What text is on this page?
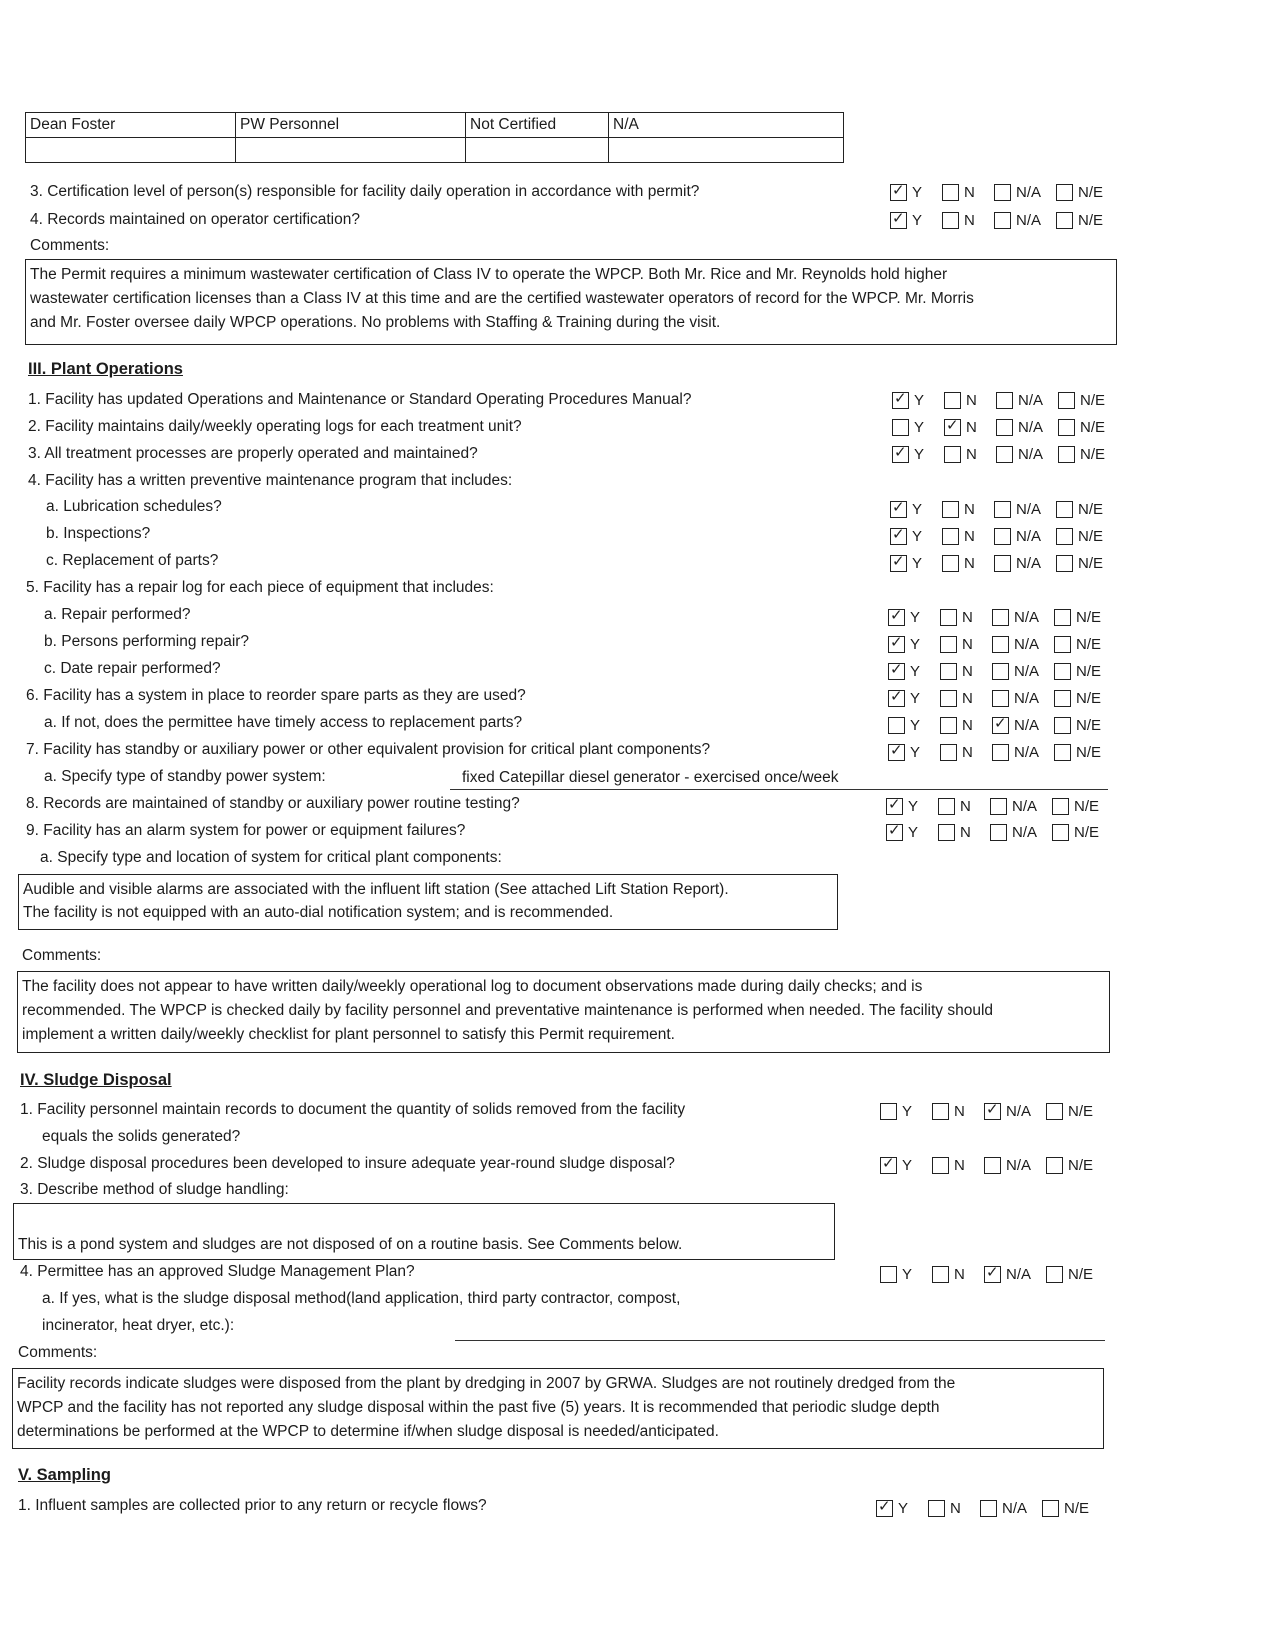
Dean Foster	PW Personnel	Not Certified	N/A

3. Certification level of person(s) responsible for facility daily operation in accordance with permit?	✓ Y	N	N/A N/E
4. Records maintained on operator certification?	✓ Y	N	N/A N/E
Comments:
The Permit requires a minimum wastewater certification of Class IV to operate the WPCP. Both Mr. Rice and Mr. Reynolds hold higher
wastewater certification licenses than a Class IV at this time and are the certified wastewater operators of record for the WPCP. Mr. Morris
and Mr. Foster oversee daily WPCP operations. No problems with Staffing & Training during the visit.
III. Plant Operations
1. Facility has updated Operations and Maintenance or Standard Operating Procedures Manual?	✓ Y	N	N/A N/E
2. Facility maintains daily/weekly operating logs for each treatment unit?	Y ✓ N	N/A N/E
3. All treatment processes are properly operated and maintained?	✓ Y	N	N/A N/E
4. Facility has a written preventive maintenance program that includes:
a. Lubrication schedules?	✓ Y	N	N/A N/E
b. Inspections?	✓ Y	N	N/A N/E
c. Replacement of parts?	✓ Y	N	N/A N/E
5. Facility has a repair log for each piece of equipment that includes:
a. Repair performed?	✓ Y	N	N/A N/E
b. Persons performing repair?	✓ Y	N	N/A N/E
c. Date repair performed?	✓ Y	N	N/A N/E
6. Facility has a system in place to reorder spare parts as they are used?	✓ Y	N	N/A N/E
a. If not, does the permittee have timely access to replacement parts?	Y	N ✓ N/A N/E
7. Facility has standby or auxiliary power or other equivalent provision for critical plant components?	✓ Y	N	N/A N/E
a. Specify type of standby power system:	fixed Catepillar diesel generator - exercised once/week
8. Records are maintained of standby or auxiliary power routine testing?	✓ Y	N	N/A N/E
9. Facility has an alarm system for power or equipment failures?	✓ Y	N	N/A N/E
a. Specify type and location of system for critical plant components:
Audible and visible alarms are associated with the influent lift station (See attached Lift Station Report).
The facility is not equipped with an auto-dial notification system; and is recommended.
Comments:
The facility does not appear to have written daily/weekly operational log to document observations made during daily checks; and is
recommended. The WPCP is checked daily by facility personnel and preventative maintenance is performed when needed. The facility should
implement a written daily/weekly checklist for plant personnel to satisfy this Permit requirement.
IV. Sludge Disposal
1. Facility personnel maintain records to document the quantity of solids removed from the facility	Y	N ✓ N/A N/E
equals the solids generated?
2. Sludge disposal procedures been developed to insure adequate year-round sludge disposal?	✓ Y	N	N/A N/E
3. Describe method of sludge handling:
This is a pond system and sludges are not disposed of on a routine basis. See Comments below.
4. Permittee has an approved Sludge Management Plan?	Y	N ✓ N/A N/E
a. If yes, what is the sludge disposal method(land application, third party contractor, compost,
incinerator, heat dryer, etc.):
Comments:
Facility records indicate sludges were disposed from the plant by dredging in 2007 by GRWA. Sludges are not routinely dredged from the
WPCP and the facility has not reported any sludge disposal within the past five (5) years. It is recommended that periodic sludge depth
determinations be performed at the WPCP to determine if/when sludge disposal is needed/anticipated.
V. Sampling
1. Influent samples are collected prior to any return or recycle flows?	✓ Y	N	N/A N/E
